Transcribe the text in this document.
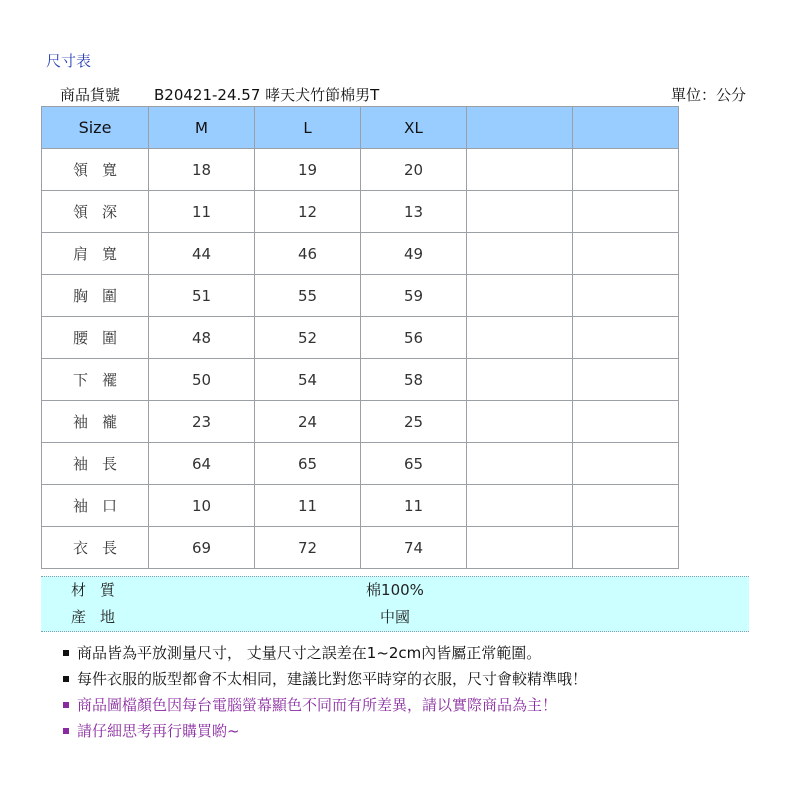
尺寸表
商品貨號	B20421-24.57 哮天犬竹節棉男T	單位：公分
Size	M	L	XL		
領寬	18	19	20		
領深	11	12	13		
肩寬	44	46	49		
胸圍	51	55	59		
腰圍	48	52	56		
下襬	50	54	58		
袖襱	23	24	25		
袖長	64	65	65		
袖口	10	11	11		
衣長	69	72	74		
材質	棉100%
產地	中國
商品皆為平放測量尺寸， 丈量尺寸之誤差在1~2cm內皆屬正常範圍。
每件衣服的版型都會不太相同，建議比對您平時穿的衣服，尺寸會較精準哦！
商品圖檔顏色因每台電腦螢幕顯色不同而有所差異，請以實際商品為主！
請仔細思考再行購買喲~
